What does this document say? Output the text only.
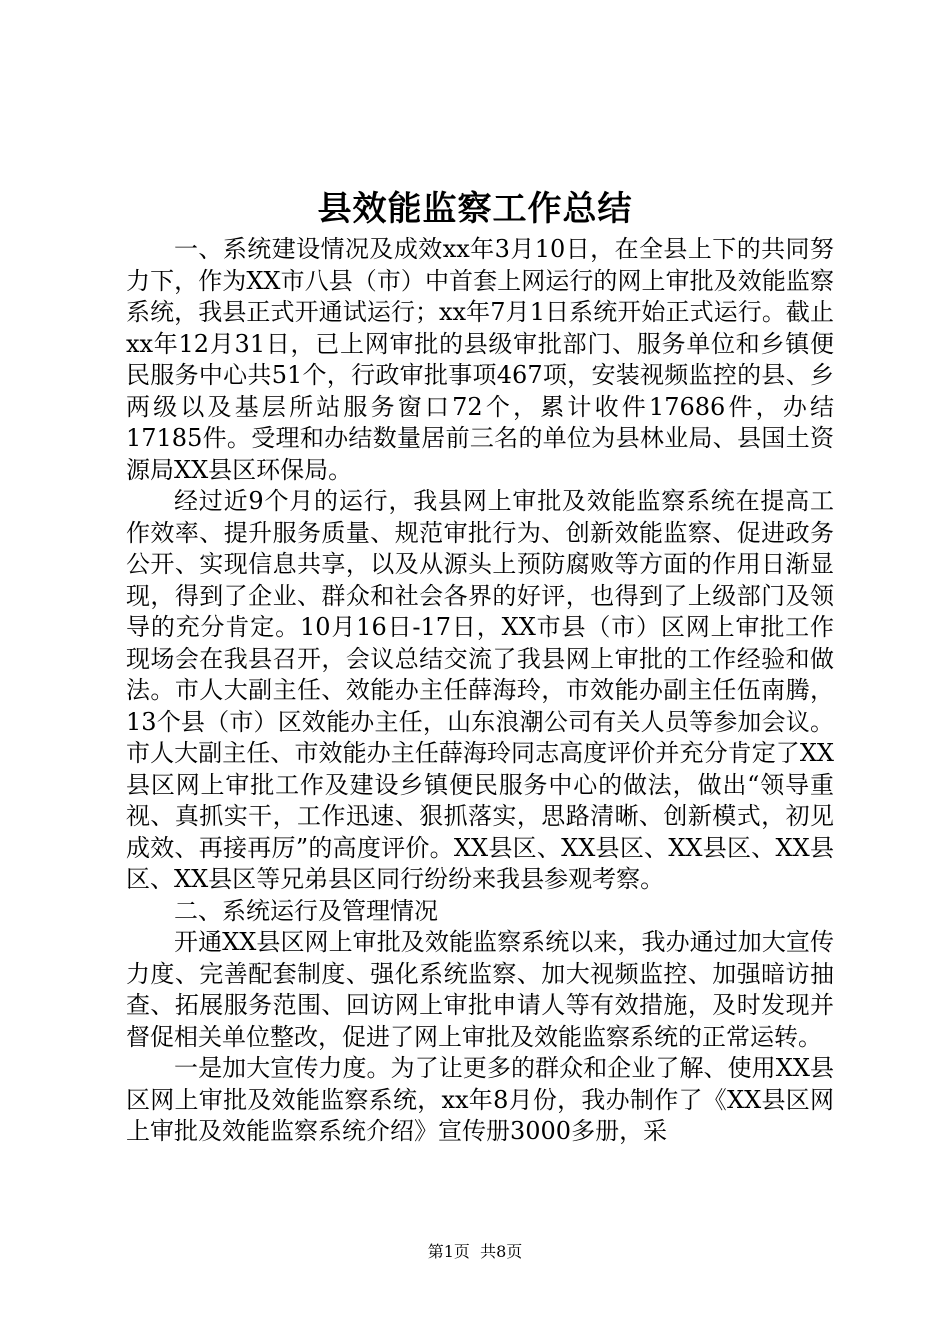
县效能监察工作总结

一、系统建设情况及成效xx年3月10日，在全县上下的共同努力下，作为XX市八县（市）中首套上网运行的网上审批及效能监察系统，我县正式开通试运行；xx年7月1日系统开始正式运行。截止xx年12月31日，已上网审批的县级审批部门、服务单位和乡镇便民服务中心共51个，行政审批事项467项，安装视频监控的县、乡两级以及基层所站服务窗口72个，累计收件17686件，办结17185件。受理和办结数量居前三名的单位为县林业局、县国土资源局XX县区环保局。

经过近9个月的运行，我县网上审批及效能监察系统在提高工作效率、提升服务质量、规范审批行为、创新效能监察、促进政务公开、实现信息共享，以及从源头上预防腐败等方面的作用日渐显现，得到了企业、群众和社会各界的好评，也得到了上级部门及领导的充分肯定。10月16日-17日，XX市县（市）区网上审批工作现场会在我县召开，会议总结交流了我县网上审批的工作经验和做法。市人大副主任、效能办主任薛海玲，市效能办副主任伍南腾，13个县（市）区效能办主任，山东浪潮公司有关人员等参加会议。市人大副主任、市效能办主任薛海玲同志高度评价并充分肯定了XX县区网上审批工作及建设乡镇便民服务中心的做法，做出“领导重视、真抓实干，工作迅速、狠抓落实，思路清晰、创新模式，初见成效、再接再厉”的高度评价。XX县区、XX县区、XX县区、XX县区、XX县区等兄弟县区同行纷纷来我县参观考察。

二、系统运行及管理情况

开通XX县区网上审批及效能监察系统以来，我办通过加大宣传力度、完善配套制度、强化系统监察、加大视频监控、加强暗访抽查、拓展服务范围、回访网上审批申请人等有效措施，及时发现并督促相关单位整改，促进了网上审批及效能监察系统的正常运转。

一是加大宣传力度。为了让更多的群众和企业了解、使用XX县区网上审批及效能监察系统，xx年8月份，我办制作了《XX县区网上审批及效能监察系统介绍》宣传册3000多册，采

第1页 共8页
